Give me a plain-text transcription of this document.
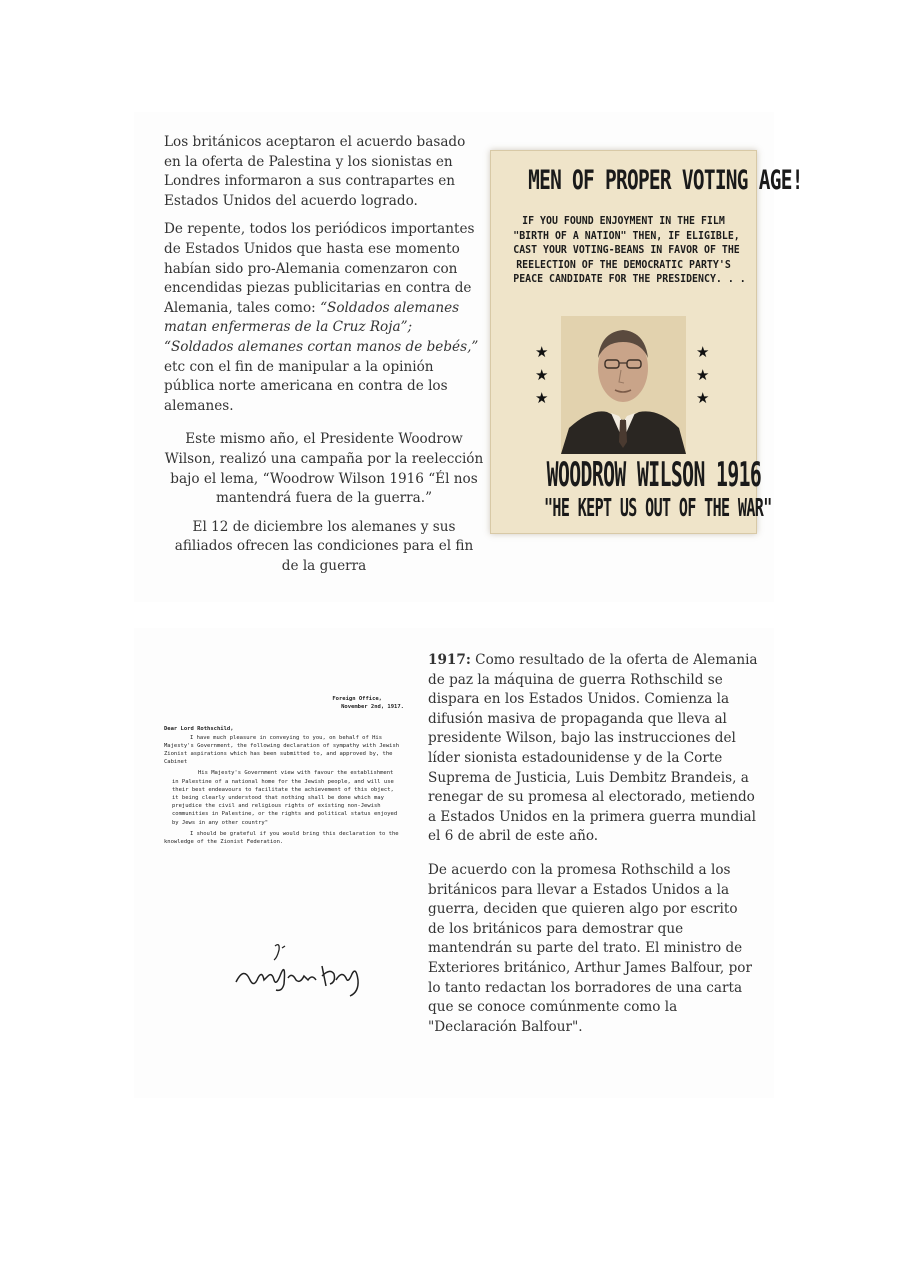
Los británicos aceptaron el acuerdo basado en la oferta de Palestina y los sionistas en Londres informaron a sus contrapartes en Estados Unidos del acuerdo logrado.

De repente, todos los periódicos importantes de Estados Unidos que hasta ese momento habían sido pro-Alemania comenzaron con encendidas piezas publicitarias en contra de Alemania, tales como: “Soldados alemanes matan enfermeras de la Cruz Roja”; “Soldados alemanes cortan manos de bebés,” etc con el fin de manipular a la opinión pública norte americana en contra de los alemanes.

Este mismo año, el Presidente Woodrow Wilson, realizó una campaña por la reelección bajo el lema, “Woodrow Wilson 1916 “Él nos mantendrá fuera de la guerra.”

El 12 de diciembre los alemanes y sus afiliados ofrecen las condiciones para el fin de la guerra

MEN OF PROPER VOTING AGE!
IF YOU FOUND ENJOYMENT IN THE FILM
"BIRTH OF A NATION" THEN, IF ELIGIBLE,
CAST YOUR VOTING-BEANS IN FAVOR OF THE
REELECTION OF THE DEMOCRATIC PARTY'S
PEACE CANDIDATE FOR THE PRESIDENCY. . .
★
★
★
★
★
★
WOODROW WILSON 1916
"HE KEPT US OUT OF THE WAR"

Foreign Office,

November 2nd, 1917.

Dear Lord Rothschild,

I have much pleasure in conveying to you, on behalf of His Majesty's Government, the following declaration of sympathy with Jewish Zionist aspirations which has been submitted to, and approved by, the Cabinet

His Majesty's Government view with favour the establishment in Palestine of a national home for the Jewish people, and will use their best endeavours to facilitate the achievement of this object, it being clearly understood that nothing shall be done which may prejudice the civil and religious rights of existing non-Jewish communities in Palestine, or the rights and political status enjoyed by Jews in any other country"

I should be grateful if you would bring this declaration to the knowledge of the Zionist Federation.

1917: Como resultado de la oferta de Alemania de paz la máquina de guerra Rothschild se dispara en los Estados Unidos. Comienza la difusión masiva de propaganda que lleva al presidente Wilson, bajo las instrucciones del líder sionista estadounidense y de la Corte Suprema de Justicia, Luis Dembitz Brandeis, a renegar de su promesa al electorado, metiendo a Estados Unidos en la primera guerra mundial el 6 de abril de este año.

De acuerdo con la promesa Rothschild a los británicos para llevar a Estados Unidos a la guerra, deciden que quieren algo por escrito de los británicos para demostrar que mantendrán su parte del trato. El ministro de Exteriores británico, Arthur James Balfour, por lo tanto redactan los borradores de una carta que se conoce comúnmente como la "Declaración Balfour".
